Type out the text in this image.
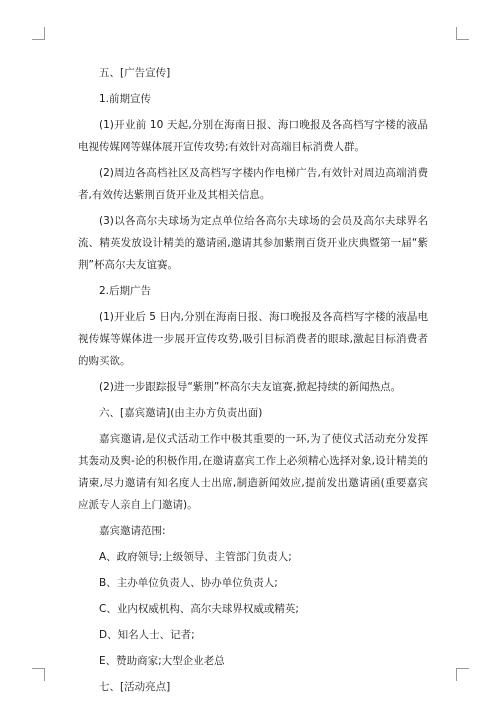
五、[广告宣传]

1.前期宣传

(1)开业前 10 天起,分别在海南日报、海口晚报及各高档写字楼的液晶电视传媒网等媒体展开宣传攻势;有效针对高端目标消费人群。

(2)周边各高档社区及高档写字楼内作电梯广告,有效针对周边高端消费者,有效传达紫荆百货开业及其相关信息。

(3)以各高尔夫球场为定点单位给各高尔夫球场的会员及高尔夫球界名流、精英发放设计精美的邀请函,邀请其参加紫荆百货开业庆典暨第一届“紫荆”杯高尔夫友谊赛。

2.后期广告

(1)开业后 5 日内,分别在海南日报、海口晚报及各高档写字楼的液晶电视传媒等媒体进一步展开宣传攻势,吸引目标消费者的眼球,激起目标消费者的购买欲。

(2)进一步跟踪报导“紫荆”杯高尔夫友谊赛,掀起持续的新闻热点。

六、[嘉宾邀请](由主办方负责出面)

嘉宾邀请,是仪式活动工作中极其重要的一环,为了使仪式活动充分发挥其轰动及舆-论的积极作用,在邀请嘉宾工作上必须精心选择对象,设计精美的请柬,尽力邀请有知名度人士出席,制造新闻效应,提前发出邀请函(重要嘉宾应派专人亲自上门邀请)。

嘉宾邀请范围:

A、政府领导;上级领导、主管部门负责人;

B、主办单位负责人、协办单位负责人;

C、业内权威机构、高尔夫球界权威或精英;

D、知名人士、记者;

E、赞助商家;大型企业老总

七、[活动亮点]
